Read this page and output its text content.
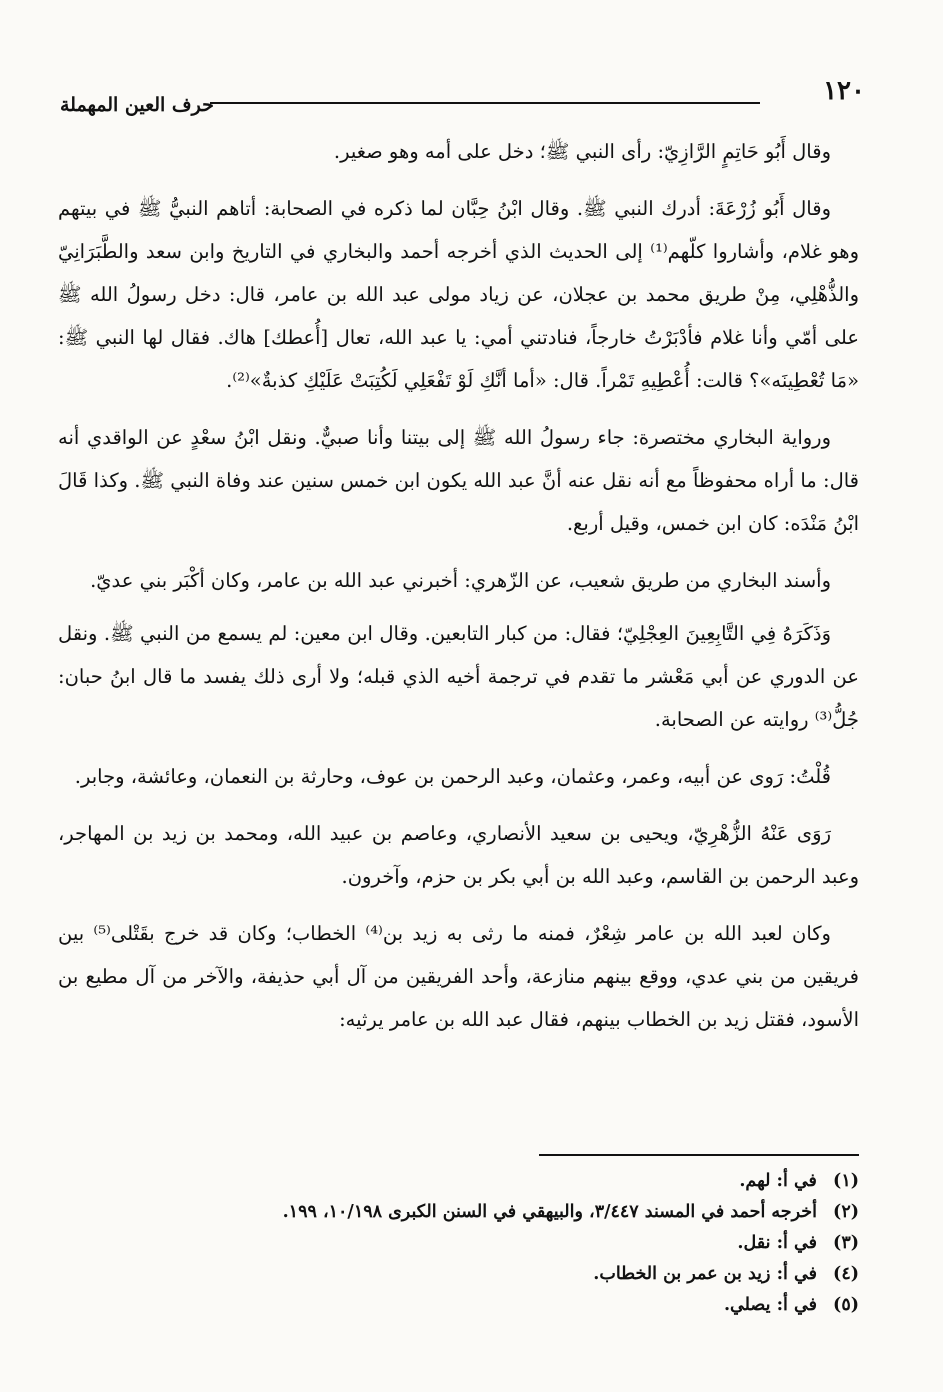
١٢٠
حرف العين المهملة

وقال أَبُو حَاتِمٍ الرَّازِيّ: رأى النبي ﷺ؛ دخل على أمه وهو صغير.

وقال أَبُو زُرْعَةَ: أدرك النبي ﷺ. وقال ابْنُ حِبَّان لما ذكره في الصحابة: أتاهم النبيُّ ﷺ في بيتهم وهو غلام، وأشاروا كلّهم⁽¹⁾ إلى الحديث الذي أخرجه أحمد والبخاري في التاريخ وابن سعد والطَّبَرَانِيّ والذُّهْلِي، مِنْ طريق محمد بن عجلان، عن زياد مولى عبد الله بن عامر، قال: دخل رسولُ الله ﷺ على أمّي وأنا غلام فأدْبَرْتُ خارجاً، فنادتني أمي: يا عبد الله، تعال [أُعطك] هاك. فقال لها النبي ﷺ: «مَا تُعْطِينَه»؟ قالت: أُعْطِيهِ تَمْراً. قال: «أما أنَّكِ لَوْ تَفْعَلِي لَكُتِبَتْ عَلَيْكِ كذبةٌ»⁽²⁾.

ورواية البخاري مختصرة: جاء رسولُ الله ﷺ إلى بيتنا وأنا صبيٌّ. ونقل ابْنُ سعْدٍ عن الواقدي أنه قال: ما أراه محفوظاً مع أنه نقل عنه أنَّ عبد الله يكون ابن خمس سنين عند وفاة النبي ﷺ. وكذا قَالَ ابْنُ مَنْدَه: كان ابن خمس، وقيل أربع.

وأسند البخاري من طريق شعيب، عن الزّهري: أخبرني عبد الله بن عامر، وكان أكْبَر بني عديّ.

وَذَكَرَهُ فِي التَّابِعِينَ العِجْلِيّ؛ فقال: من كبار التابعين. وقال ابن معين: لم يسمع من النبي ﷺ. ونقل عن الدوري عن أبي مَعْشر ما تقدم في ترجمة أخيه الذي قبله؛ ولا أرى ذلك يفسد ما قال ابنُ حبان: جُلُّ⁽³⁾ روايته عن الصحابة.

قُلْتُ: رَوى عن أبيه، وعمر، وعثمان، وعبد الرحمن بن عوف، وحارثة بن النعمان، وعائشة، وجابر.

رَوَى عَنْهُ الزُّهْرِيّ، ويحيى بن سعيد الأنصاري، وعاصم بن عبيد الله، ومحمد بن زيد بن المهاجر، وعبد الرحمن بن القاسم، وعبد الله بن أبي بكر بن حزم، وآخرون.

وكان لعبد الله بن عامر شِعْرٌ، فمنه ما رثى به زيد بن⁽⁴⁾ الخطاب؛ وكان قد خرج بقَتْلى⁽⁵⁾ بين فريقين من بني عدي، ووقع بينهم منازعة، وأحد الفريقين من آل أبي حذيفة، والآخر من آل مطيع بن الأسود، فقتل زيد بن الخطاب بينهم، فقال عبد الله بن عامر يرثيه:

(١) في أ: لهم.
(٢) أخرجه أحمد في المسند ٣/٤٤٧، والبيهقي في السنن الكبرى ١٠/١٩٨، ١٩٩.
(٣) في أ: نقل.
(٤) في أ: زيد بن عمر بن الخطاب.
(٥) في أ: يصلي.
